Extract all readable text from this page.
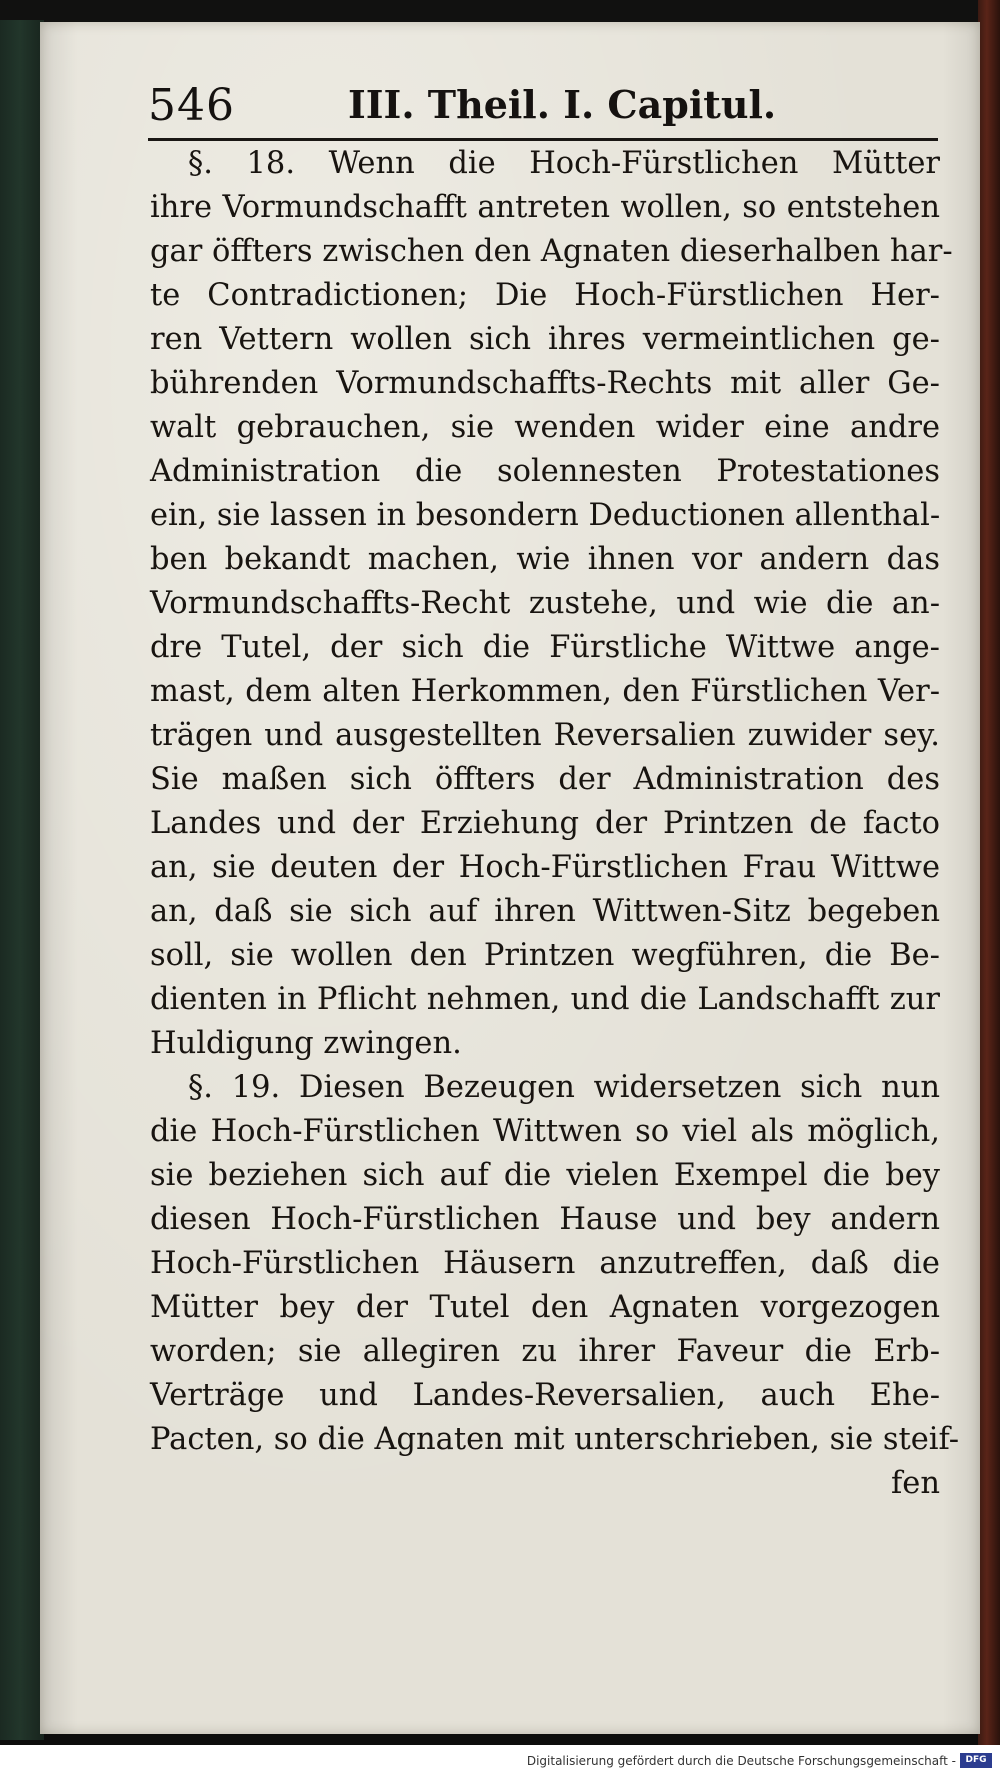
546	III. Theil. I. Capitul.
§. 18. Wenn die Hoch-Fürstlichen Mütter
ihre Vormundschafft antreten wollen, so entstehen
gar öffters zwischen den Agnaten dieserhalben har-
te Contradictionen; Die Hoch-Fürstlichen Her-
ren Vettern wollen sich ihres vermeintlichen ge-
bührenden Vormundschaffts-Rechts mit aller Ge-
walt gebrauchen, sie wenden wider eine andre
Administration die solennesten Protestationes
ein, sie lassen in besondern Deductionen allenthal-
ben bekandt machen, wie ihnen vor andern das
Vormundschaffts-Recht zustehe, und wie die an-
dre Tutel, der sich die Fürstliche Wittwe ange-
mast, dem alten Herkommen, den Fürstlichen Ver-
trägen und ausgestellten Reversalien zuwider sey.
Sie maßen sich öffters der Administration des
Landes und der Erziehung der Printzen de facto
an, sie deuten der Hoch-Fürstlichen Frau Wittwe
an, daß sie sich auf ihren Wittwen-Sitz begeben
soll, sie wollen den Printzen wegführen, die Be-
dienten in Pflicht nehmen, und die Landschafft zur
Huldigung zwingen.
§. 19. Diesen Bezeugen widersetzen sich nun
die Hoch-Fürstlichen Wittwen so viel als möglich,
sie beziehen sich auf die vielen Exempel die bey
diesen Hoch-Fürstlichen Hause und bey andern
Hoch-Fürstlichen Häusern anzutreffen, daß die
Mütter bey der Tutel den Agnaten vorgezogen
worden; sie allegiren zu ihrer Faveur die Erb-
Verträge und Landes-Reversalien, auch Ehe-
Pacten, so die Agnaten mit unterschrieben, sie steif-
fen
Digitalisierung gefördert durch die Deutsche Forschungsgemeinschaft -	DFG
